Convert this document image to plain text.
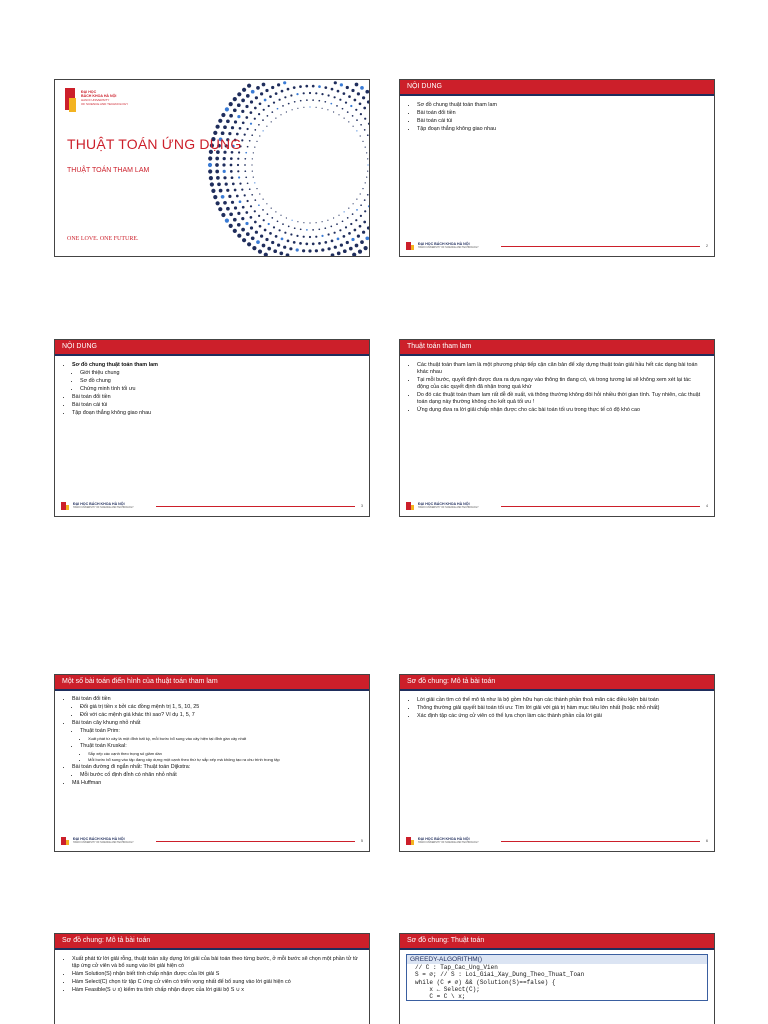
ĐẠI HỌC
BÁCH KHOA HÀ NỘI
HANOI UNIVERSITY
OF SCIENCE AND TECHNOLOGY
THUẬT TOÁN ỨNG DỤNG
THUẬT TOÁN THAM LAM
ONE LOVE. ONE FUTURE.
NỘI DUNG
• Sơ đồ chung thuật toán tham lam
• Bài toán đổi tiền
• Bài toán cái túi
• Tập đoạn thẳng không giao nhau
ĐẠI HỌC BÁCH KHOA HÀ NỘI
HANOI UNIVERSITY OF SCIENCE AND TECHNOLOGY	2
NỘI DUNG
• Sơ đồ chung thuật toán tham lam
• Giới thiệu chung
• Sơ đồ chung
• Chứng minh tính tối ưu
• Bài toán đổi tiền
• Bài toán cái túi
• Tập đoạn thẳng không giao nhau
ĐẠI HỌC BÁCH KHOA HÀ NỘI
HANOI UNIVERSITY OF SCIENCE AND TECHNOLOGY	3
Thuật toán tham lam
• Các thuật toán tham lam là một phương pháp tiếp cận căn bản để xây dựng thuật toán giải hầu hết các dạng bài toán khác nhau
• Tại mỗi bước, quyết định được đưa ra dựa ngay vào thông tin đang có, và trong tương lai sẽ không xem xét lại tác động của các quyết định đã nhận trong quá khứ
• Do đó các thuật toán tham lam rất dễ đề xuất, và thông thường không đòi hỏi nhiều thời gian tính. Tuy nhiên, các thuật toán dạng này thường không cho kết quả tối ưu !
• Ứng dụng đưa ra lời giải chấp nhận được cho các bài toán tối ưu trong thực tế có độ khó cao
ĐẠI HỌC BÁCH KHOA HÀ NỘI
HANOI UNIVERSITY OF SCIENCE AND TECHNOLOGY	4
Một số bài toán điển hình của thuật toán tham lam
• Bài toán đổi tiền
• Đổi giá trị tiền x bởi các đồng mệnh trị 1, 5, 10, 25
• Đối với các mệnh giá khác thì sao? Ví dụ 1, 5, 7
• Bài toán cây khung nhỏ nhất
• Thuật toán Prim:
• Xuất phát từ cây là một đỉnh bất kỳ, mỗi bước bổ sung vào cây hiện tại đỉnh gần cây nhất
• Thuật toán Kruskal:
• Sắp xếp các cạnh theo trọng số giảm dần
• Mỗi bước bổ sung vào tập đang xây dựng một cạnh theo thứ tự sắp xếp mà không tạo ra chu trình trong tập
• Bài toán đường đi ngắn nhất: Thuật toán Dijkstra:
• Mỗi bước cố định đỉnh có nhãn nhỏ nhất
• Mã Huffman
ĐẠI HỌC BÁCH KHOA HÀ NỘI
HANOI UNIVERSITY OF SCIENCE AND TECHNOLOGY	5
Sơ đồ chung: Mô tả bài toán
• Lời giải cần tìm có thể mô tả như là bộ gồm hữu hạn các thành phần thoả mãn các điều kiện bài toán
• Thông thường giải quyết bài toán tối ưu: Tìm lời giải với giá trị hàm mục tiêu lớn nhất (hoặc nhỏ nhất)
• Xác định tập các ứng cử viên có thể lựa chọn làm các thành phần của lời giải
ĐẠI HỌC BÁCH KHOA HÀ NỘI
HANOI UNIVERSITY OF SCIENCE AND TECHNOLOGY	6
Sơ đồ chung: Mô tả bài toán
• Xuất phát từ lời giải rỗng, thuật toán xây dựng lời giải của bài toán theo từng bước, ở mỗi bước sẽ chọn một phần tử từ tập ứng cử viên và bổ sung vào lời giải hiện có
• Hàm Solution(S) nhận biết tính chấp nhận được của lời giải S
• Hàm Select(C) chọn từ tập C ứng cử viên có triển vọng nhất để bổ sung vào lời giải hiện có
• Hàm Feasible(S ∪ x) kiểm tra tính chấp nhận được của lời giải bộ S ∪ x
Sơ đồ chung: Thuật toán
GREEDY-ALGORITHM()
// C : Tap_Cac_Ung_Vien
S = ∅; // S : Loi_Giai_Xay_Dung_Theo_Thuat_Toan
while (C ≠ ∅) && (Solution(S)==false) {
x ← Select(C);
C = C \ x;
